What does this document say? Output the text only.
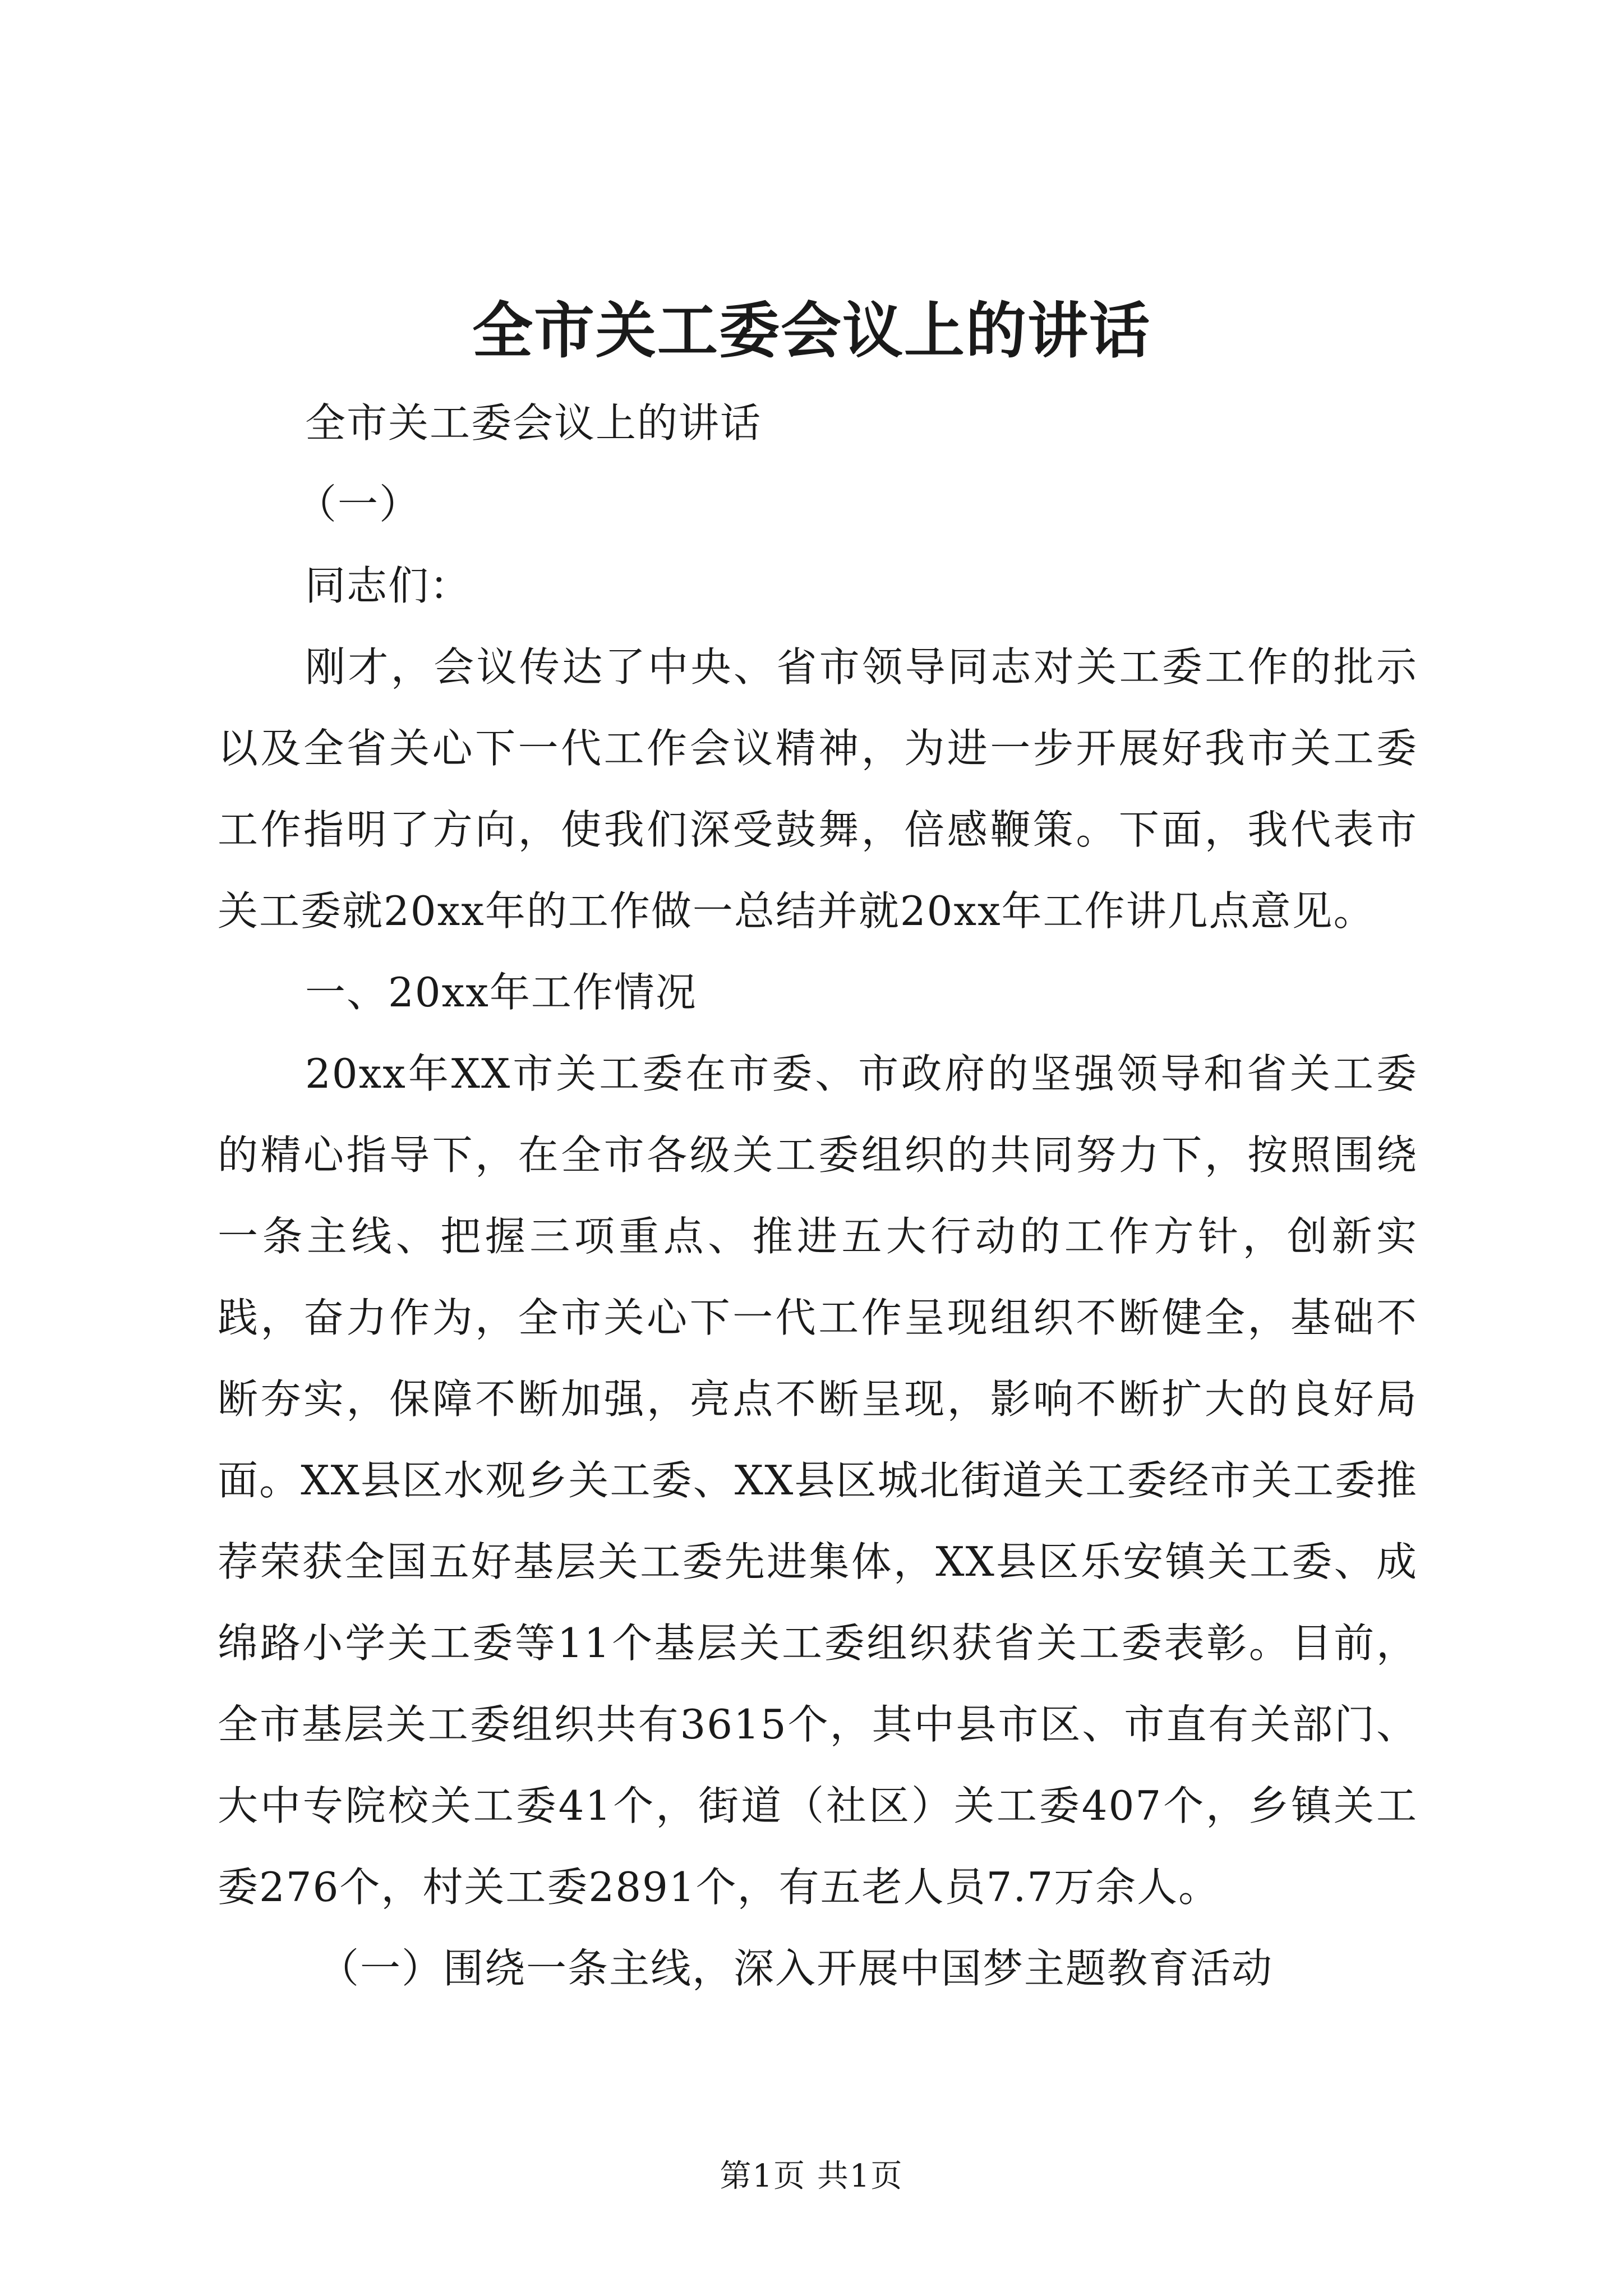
全市关工委会议上的讲话

全市关工委会议上的讲话

（一）

同志们：

刚才，会议传达了中央、省市领导同志对关工委工作的批示以及全省关心下一代工作会议精神，为进一步开展好我市关工委工作指明了方向，使我们深受鼓舞，倍感鞭策。下面，我代表市关工委就20xx年的工作做一总结并就20xx年工作讲几点意见。

一、20xx年工作情况

20xx年XX市关工委在市委、市政府的坚强领导和省关工委的精心指导下，在全市各级关工委组织的共同努力下，按照围绕一条主线、把握三项重点、推进五大行动的工作方针，创新实践，奋力作为，全市关心下一代工作呈现组织不断健全，基础不断夯实，保障不断加强，亮点不断呈现，影响不断扩大的良好局面。XX县区水观乡关工委、XX县区城北街道关工委经市关工委推荐荣获全国五好基层关工委先进集体，XX县区乐安镇关工委、成绵路小学关工委等11个基层关工委组织获省关工委表彰。目前，全市基层关工委组织共有3615个，其中县市区、市直有关部门、大中专院校关工委41个，街道（社区）关工委407个，乡镇关工委276个，村关工委2891个，有五老人员7.7万余人。

（一）围绕一条主线，深入开展中国梦主题教育活动

第1页 共1页
